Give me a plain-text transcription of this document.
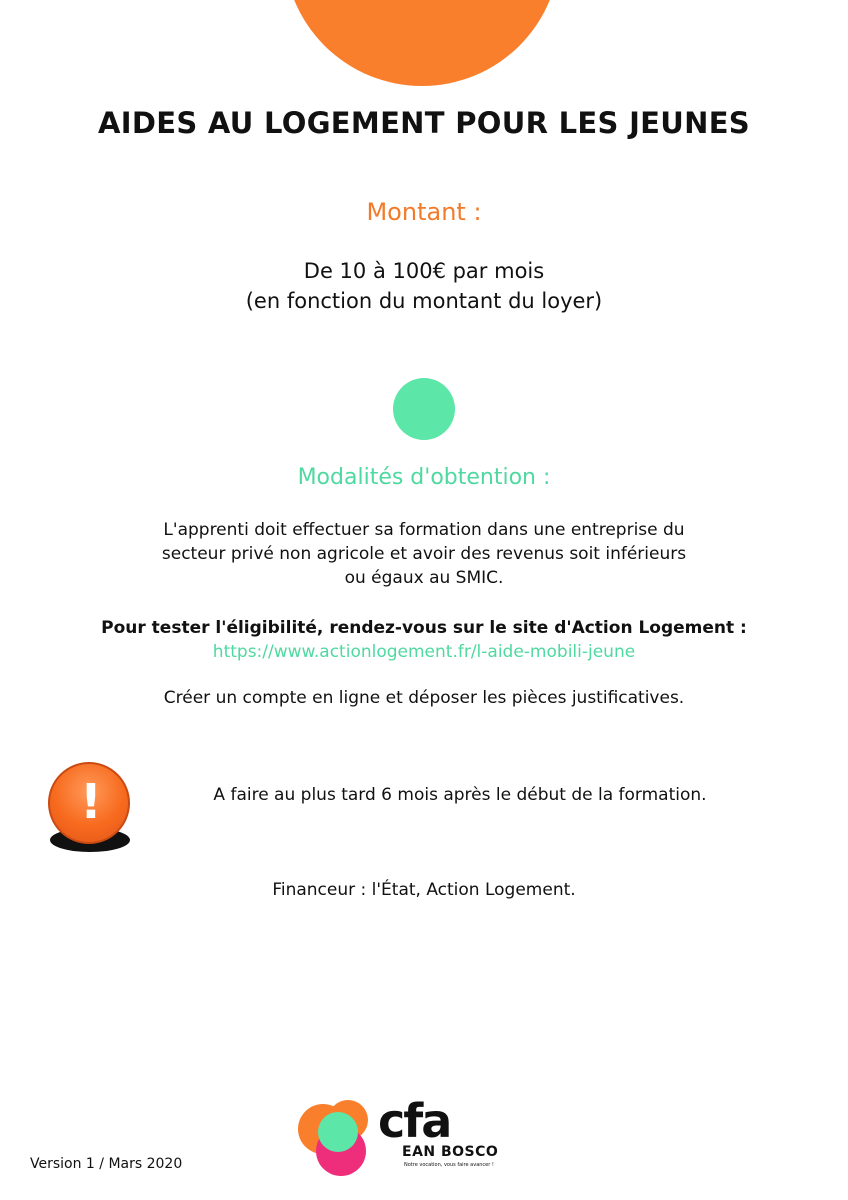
AIDES AU LOGEMENT POUR LES JEUNES
Montant :
De 10 à 100€ par mois
(en fonction du montant du loyer)
Modalités d'obtention :
L'apprenti doit effectuer sa formation dans une entreprise du
secteur privé non agricole et avoir des revenus soit inférieurs
ou égaux au SMIC.
Pour tester l'éligibilité, rendez-vous sur le site d'Action Logement :
https://www.actionlogement.fr/l-aide-mobili-jeune
Créer un compte en ligne et déposer les pièces justificatives.
!	A faire au plus tard 6 mois après le début de la formation.
Financeur : l'État, Action Logement.
Version 1 / Mars 2020
cfa
EAN BOSCO
Notre vocation, vous faire avancer !
